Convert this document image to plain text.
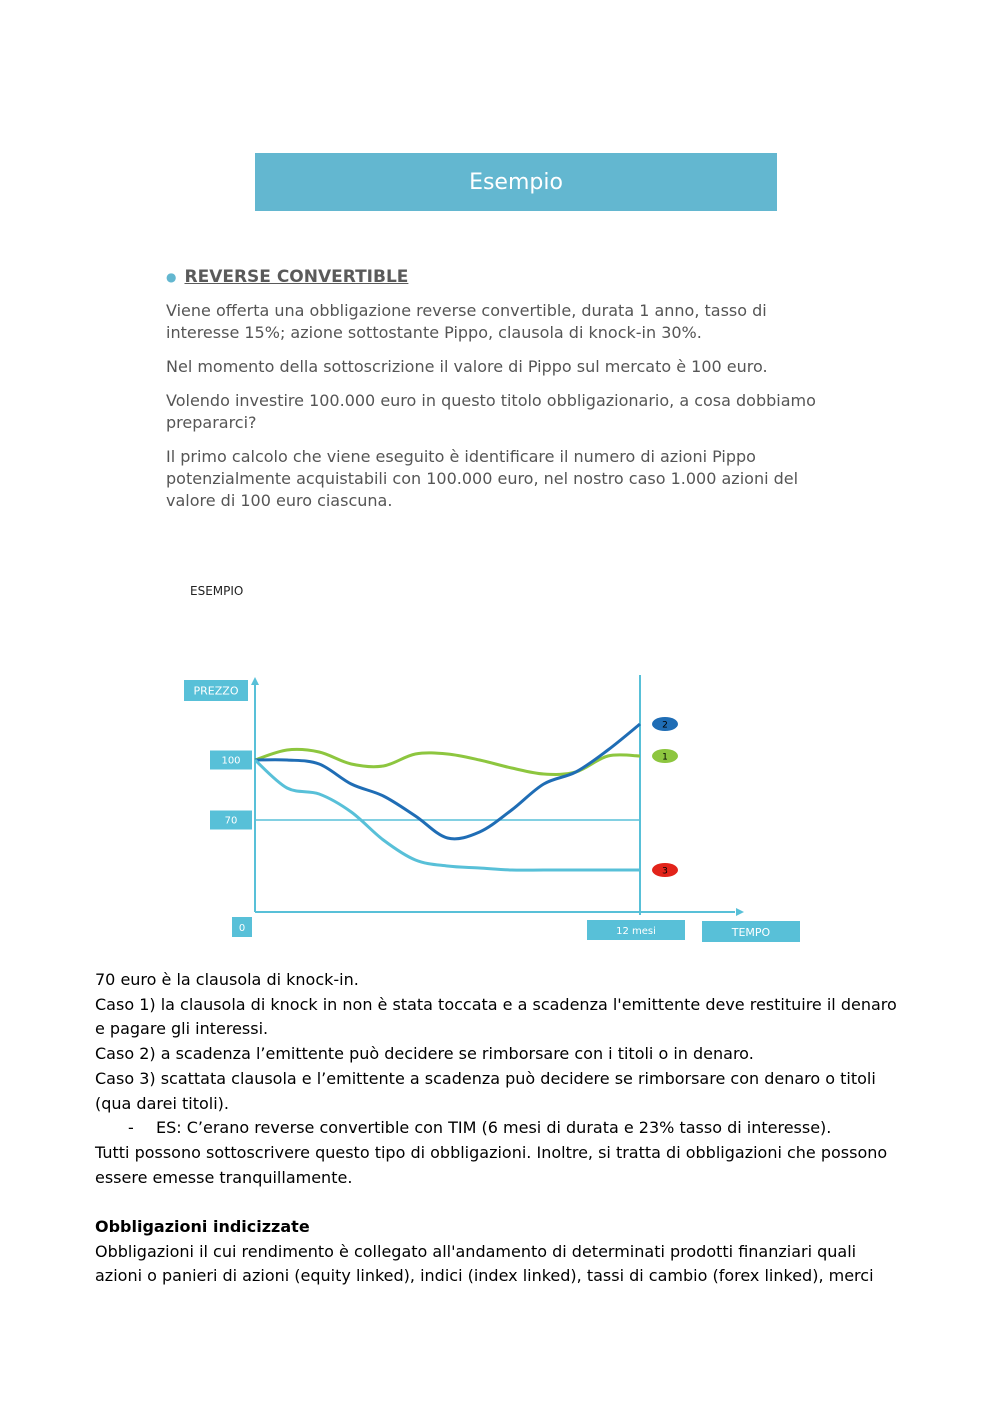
Esempio
● REVERSE CONVERTIBLE

Viene offerta una obbligazione reverse convertible, durata 1 anno, tasso di interesse 15%; azione sottostante Pippo, clausola di knock-in 30%.

Nel momento della sottoscrizione il valore di Pippo sul mercato è 100 euro.

Volendo investire 100.000 euro in questo titolo obbligazionario, a cosa dobbiamo prepararci?

Il primo calcolo che viene eseguito è identificare il numero di azioni Pippo potenzialmente acquistabili con 100.000 euro, nel nostro caso 1.000 azioni del valore di 100 euro ciascuna.

ESEMPIO
PREZZO
100
70
0	12 mesi	TEMPO
1
2
3
70 euro è la clausola di knock-in.
Caso 1) la clausola di knock in non è stata toccata e a scadenza l'emittente deve restituire il denaro
e pagare gli interessi.
Caso 2) a scadenza l’emittente può decidere se rimborsare con i titoli o in denaro.
Caso 3) scattata clausola e l’emittente a scadenza può decidere se rimborsare con denaro o titoli
(qua darei titoli).
- ES: C’erano reverse convertible con TIM (6 mesi di durata e 23% tasso di interesse).
Tutti possono sottoscrivere questo tipo di obbligazioni. Inoltre, si tratta di obbligazioni che possono
essere emesse tranquillamente.
Obbligazioni indicizzate
Obbligazioni il cui rendimento è collegato all'andamento di determinati prodotti finanziari quali
azioni o panieri di azioni (equity linked), indici (index linked), tassi di cambio (forex linked), merci
